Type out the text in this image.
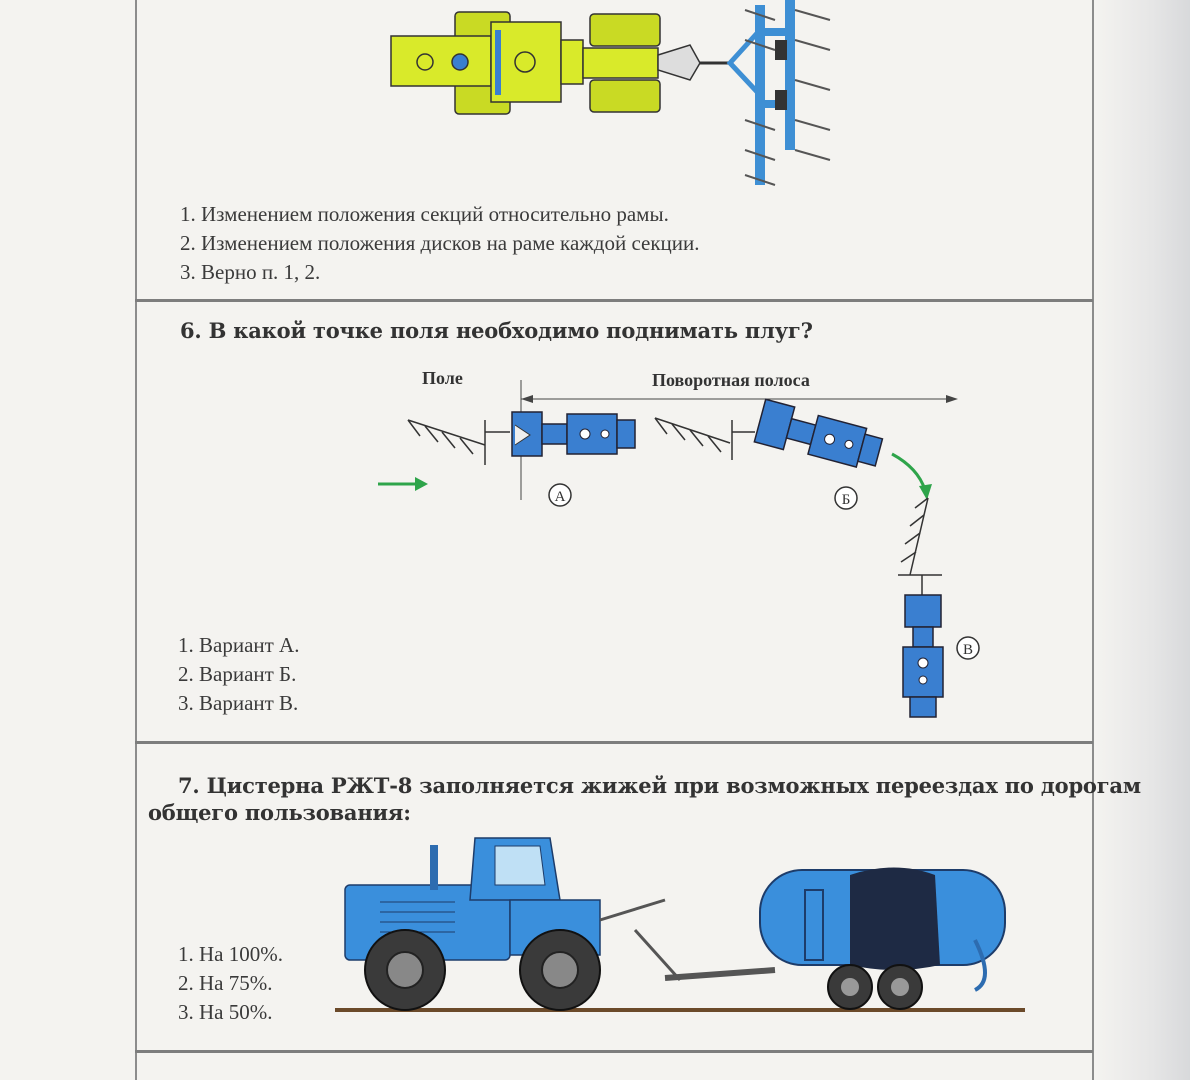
1. Изменением положения секций относительно рамы.
2. Изменением положения дисков на раме каждой секции.
3. Верно п. 1, 2.
6. В какой точке поля необходимо поднимать плуг?
Поле	Поворотная полоса
А	Б
В
1. Вариант А.
2. Вариант Б.
3. Вариант В.
7. Цистерна РЖТ-8 заполняется жижей при возможных переездах по дорогам
общего пользования:
1. На 100%.
2. На 75%.
3. На 50%.
